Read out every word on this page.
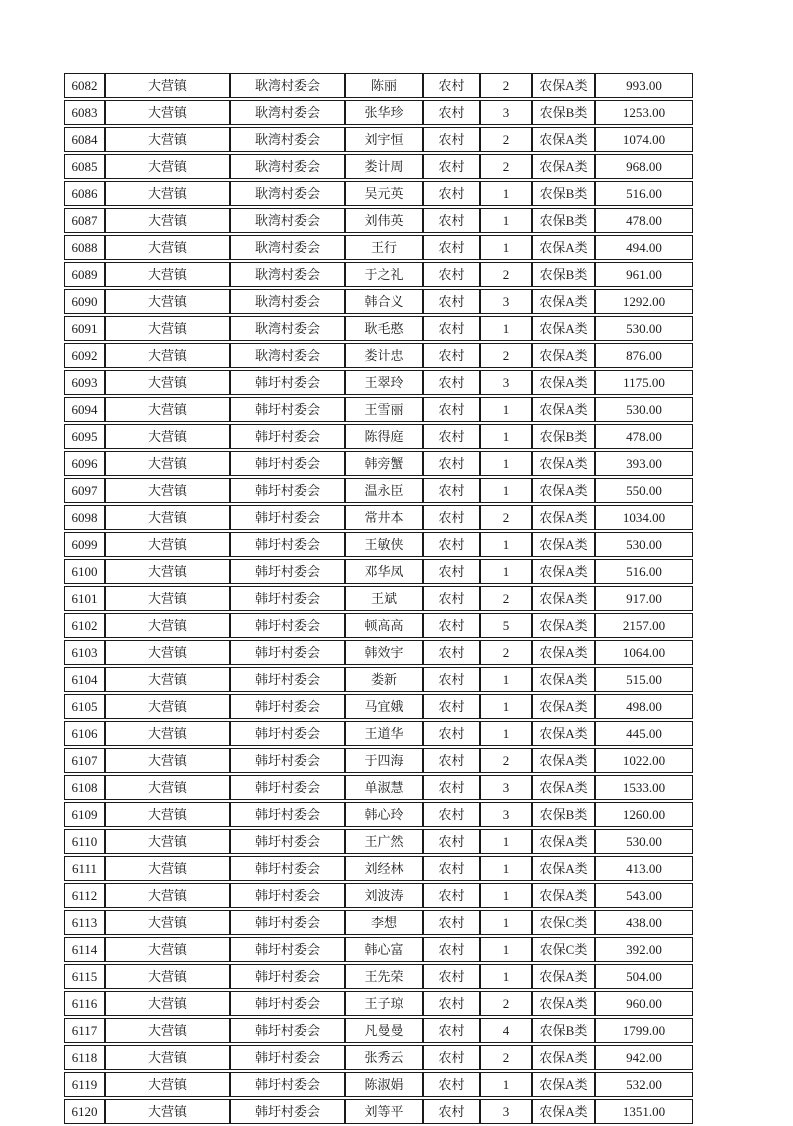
6082	大营镇	耿湾村委会	陈丽	农村	2	农保A类	993.00
6083	大营镇	耿湾村委会	张华珍	农村	3	农保B类	1253.00
6084	大营镇	耿湾村委会	刘宇恒	农村	2	农保A类	1074.00
6085	大营镇	耿湾村委会	娄计周	农村	2	农保A类	968.00
6086	大营镇	耿湾村委会	吴元英	农村	1	农保B类	516.00
6087	大营镇	耿湾村委会	刘伟英	农村	1	农保B类	478.00
6088	大营镇	耿湾村委会	王行	农村	1	农保A类	494.00
6089	大营镇	耿湾村委会	于之礼	农村	2	农保B类	961.00
6090	大营镇	耿湾村委会	韩合义	农村	3	农保A类	1292.00
6091	大营镇	耿湾村委会	耿毛憨	农村	1	农保A类	530.00
6092	大营镇	耿湾村委会	娄计忠	农村	2	农保A类	876.00
6093	大营镇	韩圩村委会	王翠玲	农村	3	农保A类	1175.00
6094	大营镇	韩圩村委会	王雪丽	农村	1	农保A类	530.00
6095	大营镇	韩圩村委会	陈得庭	农村	1	农保B类	478.00
6096	大营镇	韩圩村委会	韩旁蟹	农村	1	农保A类	393.00
6097	大营镇	韩圩村委会	温永臣	农村	1	农保A类	550.00
6098	大营镇	韩圩村委会	常井本	农村	2	农保A类	1034.00
6099	大营镇	韩圩村委会	王敏侠	农村	1	农保A类	530.00
6100	大营镇	韩圩村委会	邓华凤	农村	1	农保A类	516.00
6101	大营镇	韩圩村委会	王斌	农村	2	农保A类	917.00
6102	大营镇	韩圩村委会	顿高高	农村	5	农保A类	2157.00
6103	大营镇	韩圩村委会	韩效宇	农村	2	农保A类	1064.00
6104	大营镇	韩圩村委会	娄新	农村	1	农保A类	515.00
6105	大营镇	韩圩村委会	马宜娥	农村	1	农保A类	498.00
6106	大营镇	韩圩村委会	王道华	农村	1	农保A类	445.00
6107	大营镇	韩圩村委会	于四海	农村	2	农保A类	1022.00
6108	大营镇	韩圩村委会	单淑慧	农村	3	农保A类	1533.00
6109	大营镇	韩圩村委会	韩心玲	农村	3	农保B类	1260.00
6110	大营镇	韩圩村委会	王广然	农村	1	农保A类	530.00
6111	大营镇	韩圩村委会	刘经林	农村	1	农保A类	413.00
6112	大营镇	韩圩村委会	刘波涛	农村	1	农保A类	543.00
6113	大营镇	韩圩村委会	李想	农村	1	农保C类	438.00
6114	大营镇	韩圩村委会	韩心富	农村	1	农保C类	392.00
6115	大营镇	韩圩村委会	王先荣	农村	1	农保A类	504.00
6116	大营镇	韩圩村委会	王子琼	农村	2	农保A类	960.00
6117	大营镇	韩圩村委会	凡曼曼	农村	4	农保B类	1799.00
6118	大营镇	韩圩村委会	张秀云	农村	2	农保A类	942.00
6119	大营镇	韩圩村委会	陈淑娟	农村	1	农保A类	532.00
6120	大营镇	韩圩村委会	刘等平	农村	3	农保A类	1351.00
